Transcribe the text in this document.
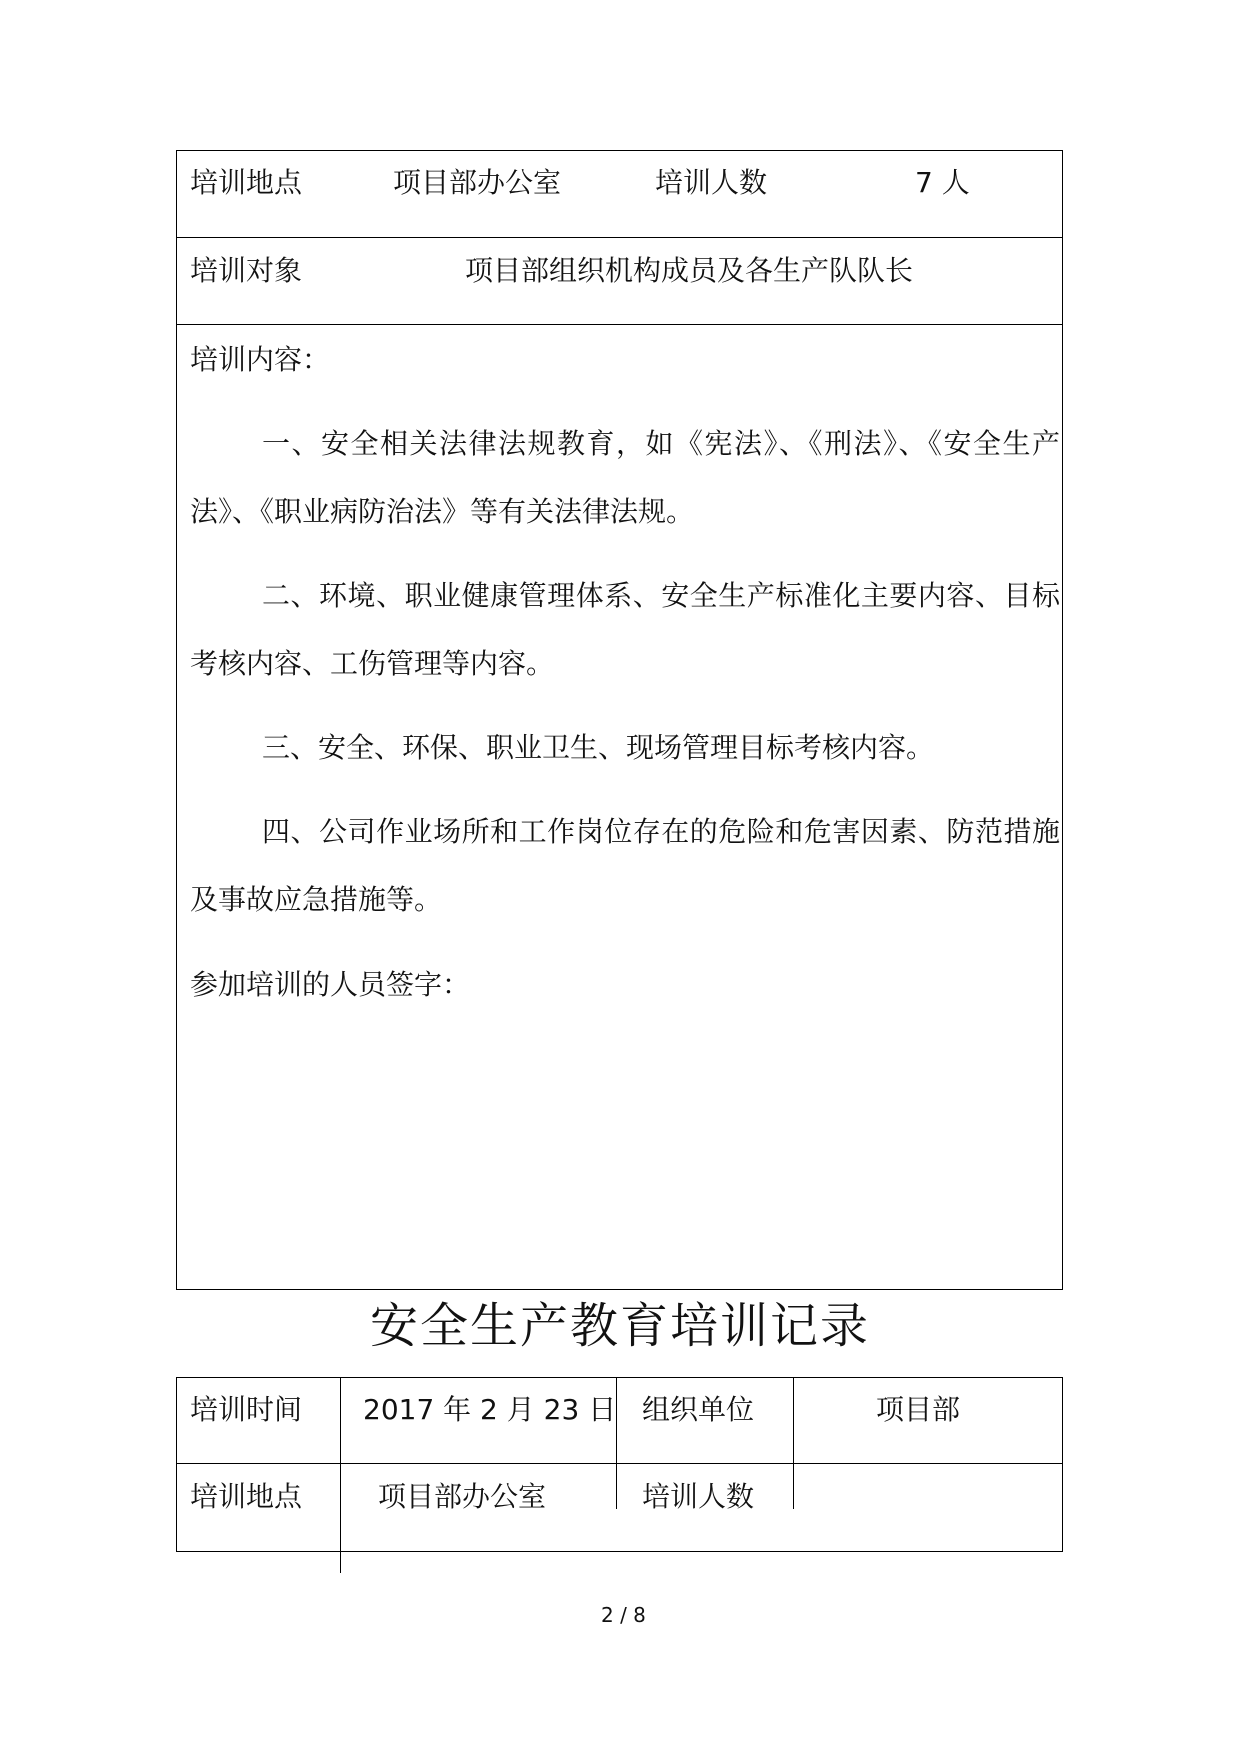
培训地点	项目部办公室	培训人数	7 人
培训对象	项目部组织机构成员及各生产队队长
培训内容：
一、安全相关法律法规教育，如《宪法》、《刑法》、《安全生产法》、《职业病防治法》等有关法律法规。
二、环境、职业健康管理体系、安全生产标准化主要内容、目标考核内容、工伤管理等内容。
三、安全、环保、职业卫生、现场管理目标考核内容。
四、公司作业场所和工作岗位存在的危险和危害因素、防范措施及事故应急措施等。
参加培训的人员签字：
安全生产教育培训记录
培训时间 2017 年 2 月 23 日 组织单位	项目部
培训地点	项目部办公室	培训人数
2 / 8
